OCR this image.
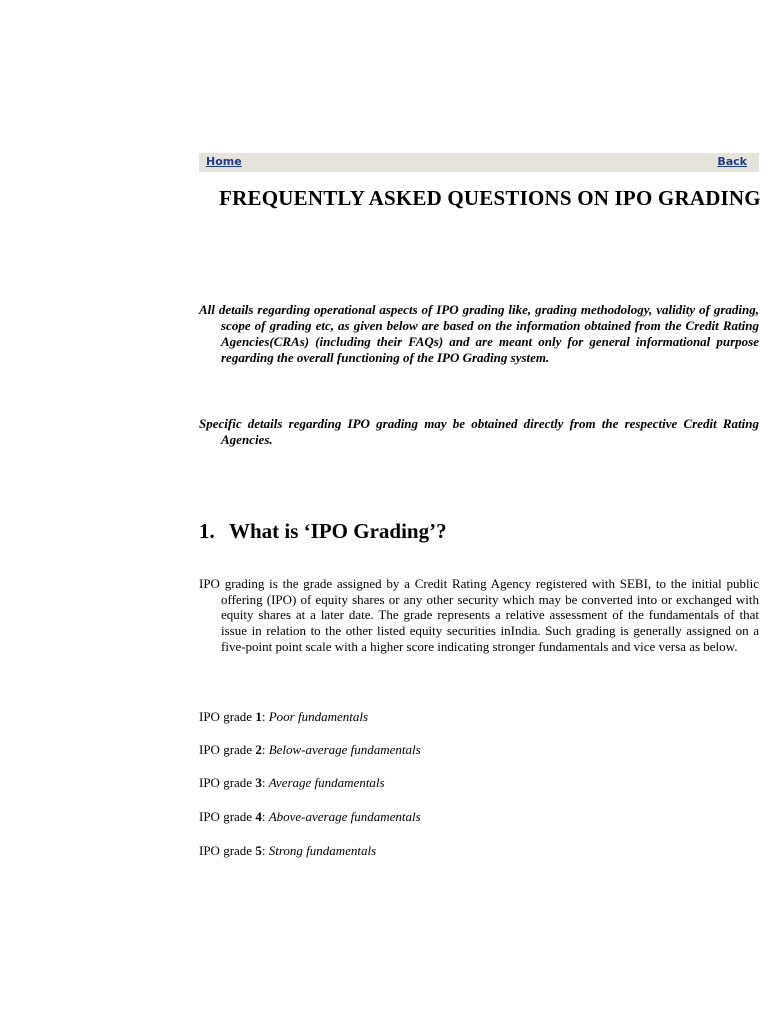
Home	Back
FREQUENTLY ASKED QUESTIONS ON IPO GRADING

All details regarding operational aspects of IPO grading like, grading methodology, validity of grading, scope of grading etc, as given below are based on the information obtained from the Credit Rating Agencies(CRAs) (including their FAQs) and are meant only for general informational purpose regarding the overall functioning of the IPO Grading system.

Specific details regarding IPO grading may be obtained directly from the respective Credit Rating Agencies.

1. What is ‘IPO Grading’?

IPO grading is the grade assigned by a Credit Rating Agency registered with SEBI, to the initial public offering (IPO) of equity shares or any other security which may be converted into or exchanged with equity shares at a later date. The grade represents a relative assessment of the fundamentals of that issue in relation to the other listed equity securities inIndia. Such grading is generally assigned on a five-point point scale with a higher score indicating stronger fundamentals and vice versa as below.

IPO grade 1: Poor fundamentals
IPO grade 2: Below-average fundamentals
IPO grade 3: Average fundamentals
IPO grade 4: Above-average fundamentals
IPO grade 5: Strong fundamentals
